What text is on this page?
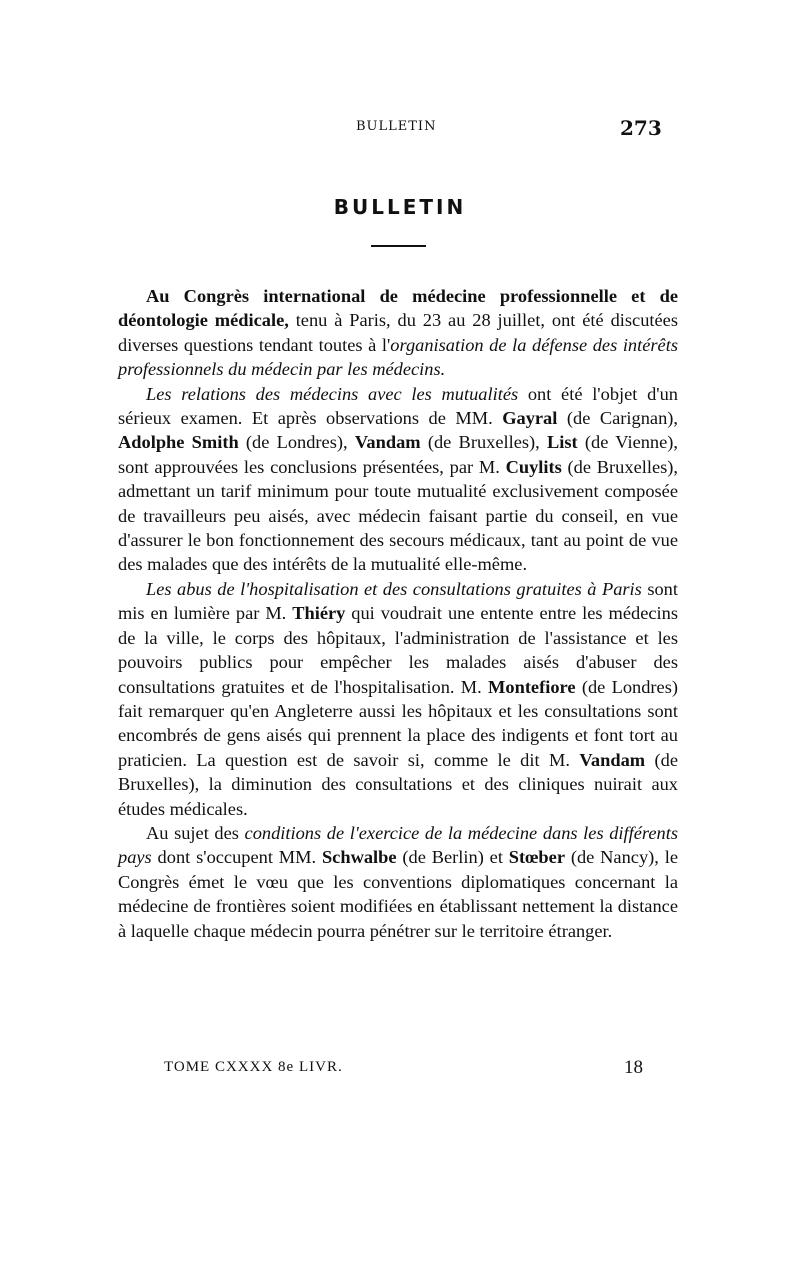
BULLETIN	273
BULLETIN

Au Congrès international de médecine professionnelle et de déontologie médicale, tenu à Paris, du 23 au 28 juillet, ont été discutées diverses questions tendant toutes à l'organisation de la défense des intérêts professionnels du médecin par les médecins.

Les relations des médecins avec les mutualités ont été l'objet d'un sérieux examen. Et après observations de MM. Gayral (de Carignan), Adolphe Smith (de Londres), Vandam (de Bruxelles), List (de Vienne), sont approuvées les conclusions présentées, par M. Cuylits (de Bruxelles), admettant un tarif minimum pour toute mutualité exclusivement composée de travailleurs peu aisés, avec médecin faisant partie du conseil, en vue d'assurer le bon fonctionnement des secours médicaux, tant au point de vue des malades que des intérêts de la mutualité elle-même.

Les abus de l'hospitalisation et des consultations gratuites à Paris sont mis en lumière par M. Thiéry qui voudrait une entente entre les médecins de la ville, le corps des hôpitaux, l'administration de l'assistance et les pouvoirs publics pour empêcher les malades aisés d'abuser des consultations gratuites et de l'hospitalisation. M. Montefiore (de Londres) fait remarquer qu'en Angleterre aussi les hôpitaux et les consultations sont encombrés de gens aisés qui prennent la place des indigents et font tort au praticien. La question est de savoir si, comme le dit M. Vandam (de Bruxelles), la diminution des consultations et des cliniques nuirait aux études médicales.

Au sujet des conditions de l'exercice de la médecine dans les différents pays dont s'occupent MM. Schwalbe (de Berlin) et Stœber (de Nancy), le Congrès émet le vœu que les conventions diplomatiques concernant la médecine de frontières soient modifiées en établissant nettement la distance à laquelle chaque médecin pourra pénétrer sur le territoire étranger.

TOME CXXXX 8e LIVR.	18
